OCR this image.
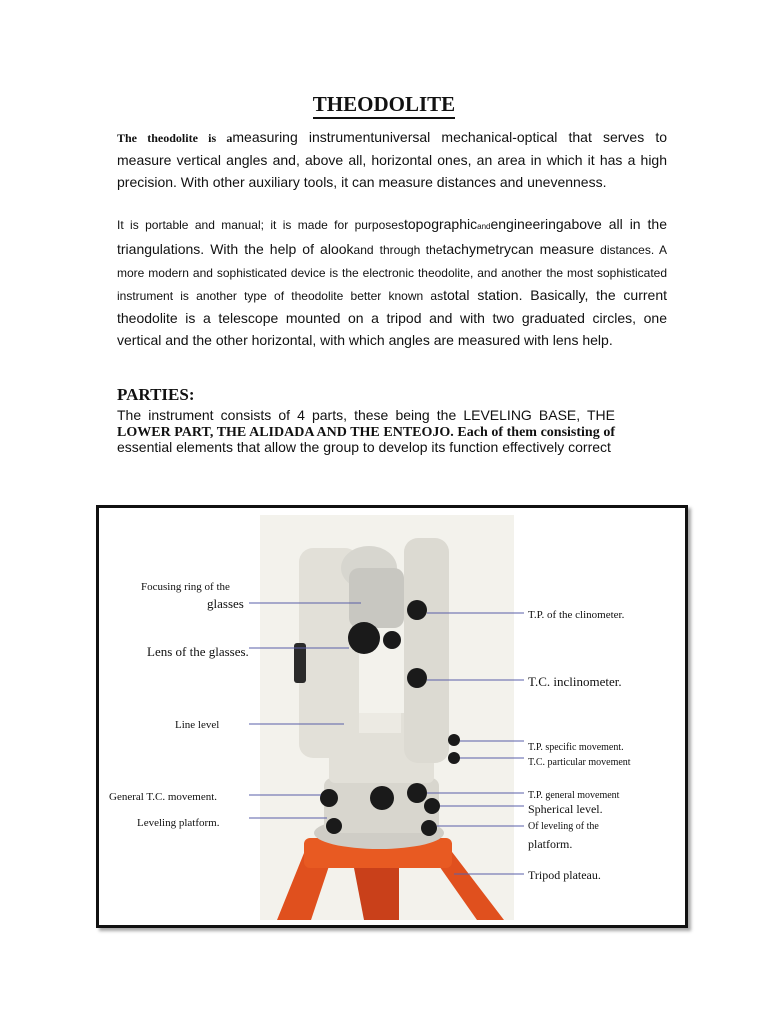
THEODOLITE

The theodolite is ameasuring instrumentuniversal mechanical-optical that serves to measure vertical angles and, above all, horizontal ones, an area in which it has a high precision. With other auxiliary tools, it can measure distances and unevenness.

It is portable and manual; it is made for purposestopographicandengineeringabove all in the triangulations. With the help of alookand through thetachymetrycan measure distances. A more modern and sophisticated device is the electronic theodolite, and another the most sophisticated instrument is another type of theodolite better known astotal station. Basically, the current theodolite is a telescope mounted on a tripod and with two graduated circles, one vertical and the other horizontal, with which angles are measured with lens help.

PARTIES:

The instrument consists of 4 parts, these being the LEVELING BASE, THE LOWER PART, THE ALIDADA AND THE ENTEOJO. Each of them consisting of essential elements that allow the group to develop its function effectively correct

Focusing ring of the
glasses
Lens of the glasses.
Line level
General T.C. movement.
Leveling platform.
T.P. of the clinometer.
T.C. inclinometer.
T.P. specific movement.
T.C. particular movement
T.P. general movement
Spherical level.
Of leveling of the
platform.
Tripod plateau.
